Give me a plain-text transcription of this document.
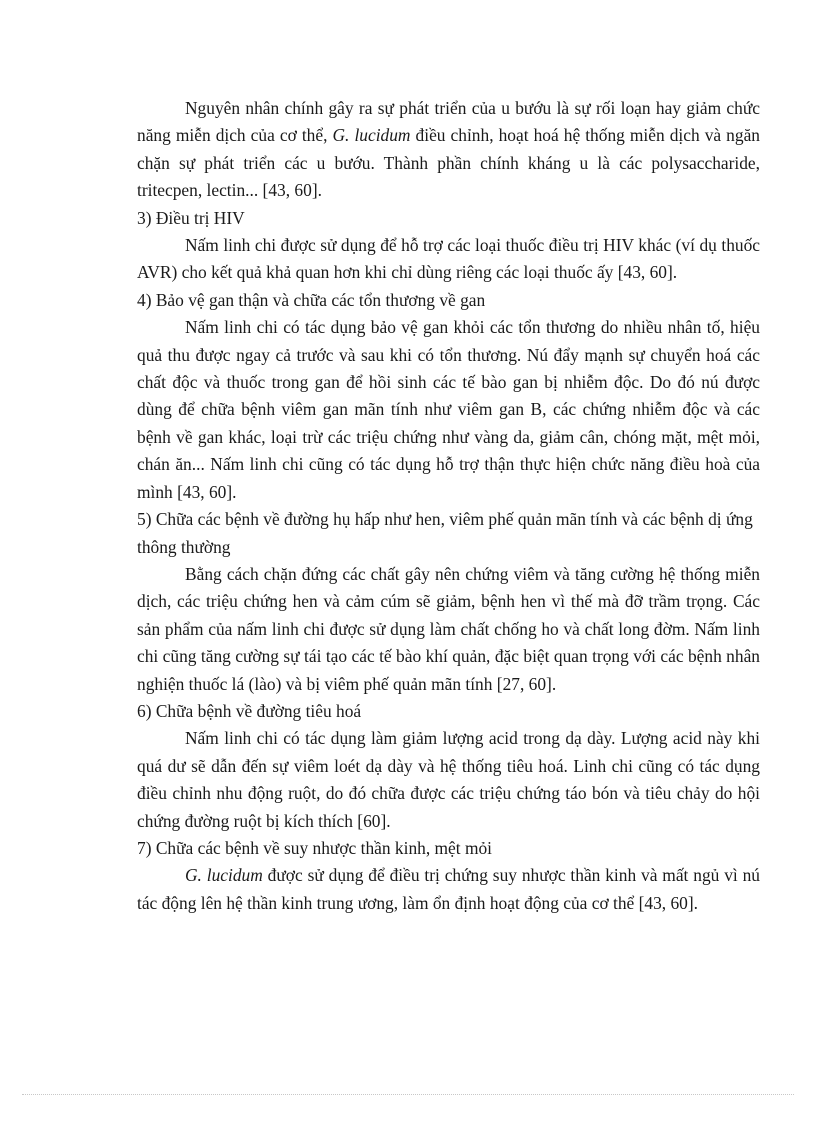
Nguyên nhân chính gây ra sự phát triển của u bướu là sự rối loạn hay giảm chức năng miễn dịch của cơ thể, G. lucidum điều chỉnh, hoạt hoá hệ thống miễn dịch và ngăn chặn sự phát triển các u bướu. Thành phần chính kháng u là các polysaccharide, tritecpen, lectin... [43, 60].

3) Điều trị HIV

Nấm linh chi được sử dụng để hỗ trợ các loại thuốc điều trị HIV khác (ví dụ thuốc AVR) cho kết quả khả quan hơn khi chỉ dùng riêng các loại thuốc ấy [43, 60].

4) Bảo vệ gan thận và chữa các tổn thương về gan

Nấm linh chi có tác dụng bảo vệ gan khỏi các tổn thương do nhiều nhân tố, hiệu quả thu được ngay cả trước và sau khi có tổn thương. Nú đẩy mạnh sự chuyển hoá các chất độc và thuốc trong gan để hồi sinh các tế bào gan bị nhiễm độc. Do đó nú được dùng để chữa bệnh viêm gan mãn tính như viêm gan B, các chứng nhiễm độc và các bệnh về gan khác, loại trừ các triệu chứng như vàng da, giảm cân, chóng mặt, mệt mỏi, chán ăn... Nấm linh chi cũng có tác dụng hỗ trợ thận thực hiện chức năng điều hoà của mình [43, 60].

5) Chữa các bệnh về đường hụ hấp như hen, viêm phế quản mãn tính và các bệnh dị ứng thông thường

Bằng cách chặn đứng các chất gây nên chứng viêm và tăng cường hệ thống miễn dịch, các triệu chứng hen và cảm cúm sẽ giảm, bệnh hen vì thế mà đỡ trầm trọng. Các sản phẩm của nấm linh chi được sử dụng làm chất chống ho và chất long đờm. Nấm linh chi cũng tăng cường sự tái tạo các tế bào khí quản, đặc biệt quan trọng với các bệnh nhân nghiện thuốc lá (lào) và bị viêm phế quản mãn tính [27, 60].

6) Chữa bệnh về đường tiêu hoá

Nấm linh chi có tác dụng làm giảm lượng acid trong dạ dày. Lượng acid này khi quá dư sẽ dẫn đến sự viêm loét dạ dày và hệ thống tiêu hoá. Linh chi cũng có tác dụng điều chỉnh nhu động ruột, do đó chữa được các triệu chứng táo bón và tiêu chảy do hội chứng đường ruột bị kích thích [60].

7) Chữa các bệnh về suy nhược thần kinh, mệt mỏi

G. lucidum được sử dụng để điều trị chứng suy nhược thần kinh và mất ngủ vì nú tác động lên hệ thần kinh trung ương, làm ổn định hoạt động của cơ thể [43, 60].
